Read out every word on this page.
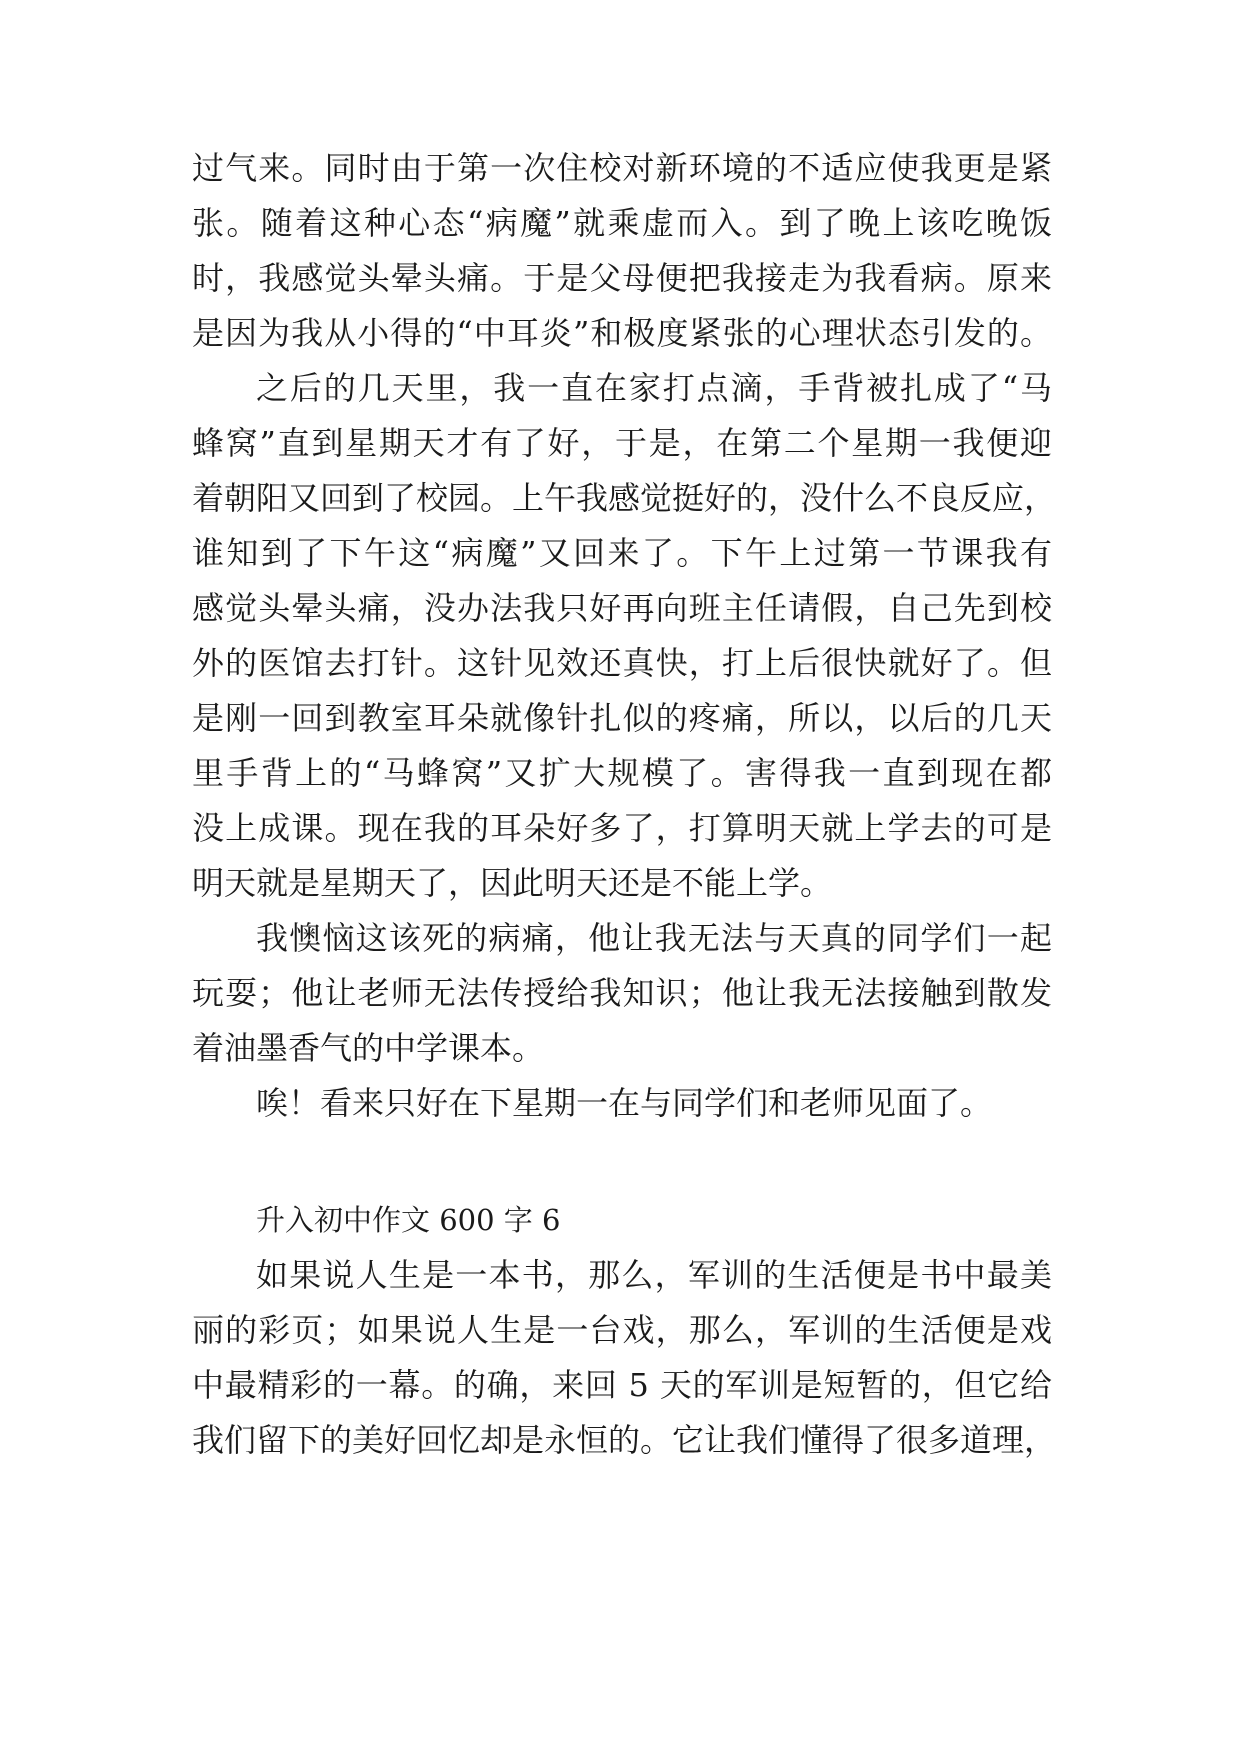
过气来。同时由于第一次住校对新环境的不适应使我更是紧
张。随着这种心态“病魔”就乘虚而入。到了晚上该吃晚饭
时，我感觉头晕头痛。于是父母便把我接走为我看病。原来
是因为我从小得的“中耳炎”和极度紧张的心理状态引发的。
之后的几天里，我一直在家打点滴，手背被扎成了“马
蜂窝”直到星期天才有了好，于是，在第二个星期一我便迎
着朝阳又回到了校园。上午我感觉挺好的，没什么不良反应，
谁知到了下午这“病魔”又回来了。下午上过第一节课我有
感觉头晕头痛，没办法我只好再向班主任请假，自己先到校
外的医馆去打针。这针见效还真快，打上后很快就好了。但
是刚一回到教室耳朵就像针扎似的疼痛，所以，以后的几天
里手背上的“马蜂窝”又扩大规模了。害得我一直到现在都
没上成课。现在我的耳朵好多了，打算明天就上学去的可是
明天就是星期天了，因此明天还是不能上学。
我懊恼这该死的病痛，他让我无法与天真的同学们一起
玩耍；他让老师无法传授给我知识；他让我无法接触到散发
着油墨香气的中学课本。
唉！看来只好在下星期一在与同学们和老师见面了。
升入初中作文 600 字 6
如果说人生是一本书，那么，军训的生活便是书中最美
丽的彩页；如果说人生是一台戏，那么，军训的生活便是戏
中最精彩的一幕。的确，来回 5 天的军训是短暂的，但它给
我们留下的美好回忆却是永恒的。它让我们懂得了很多道理，
